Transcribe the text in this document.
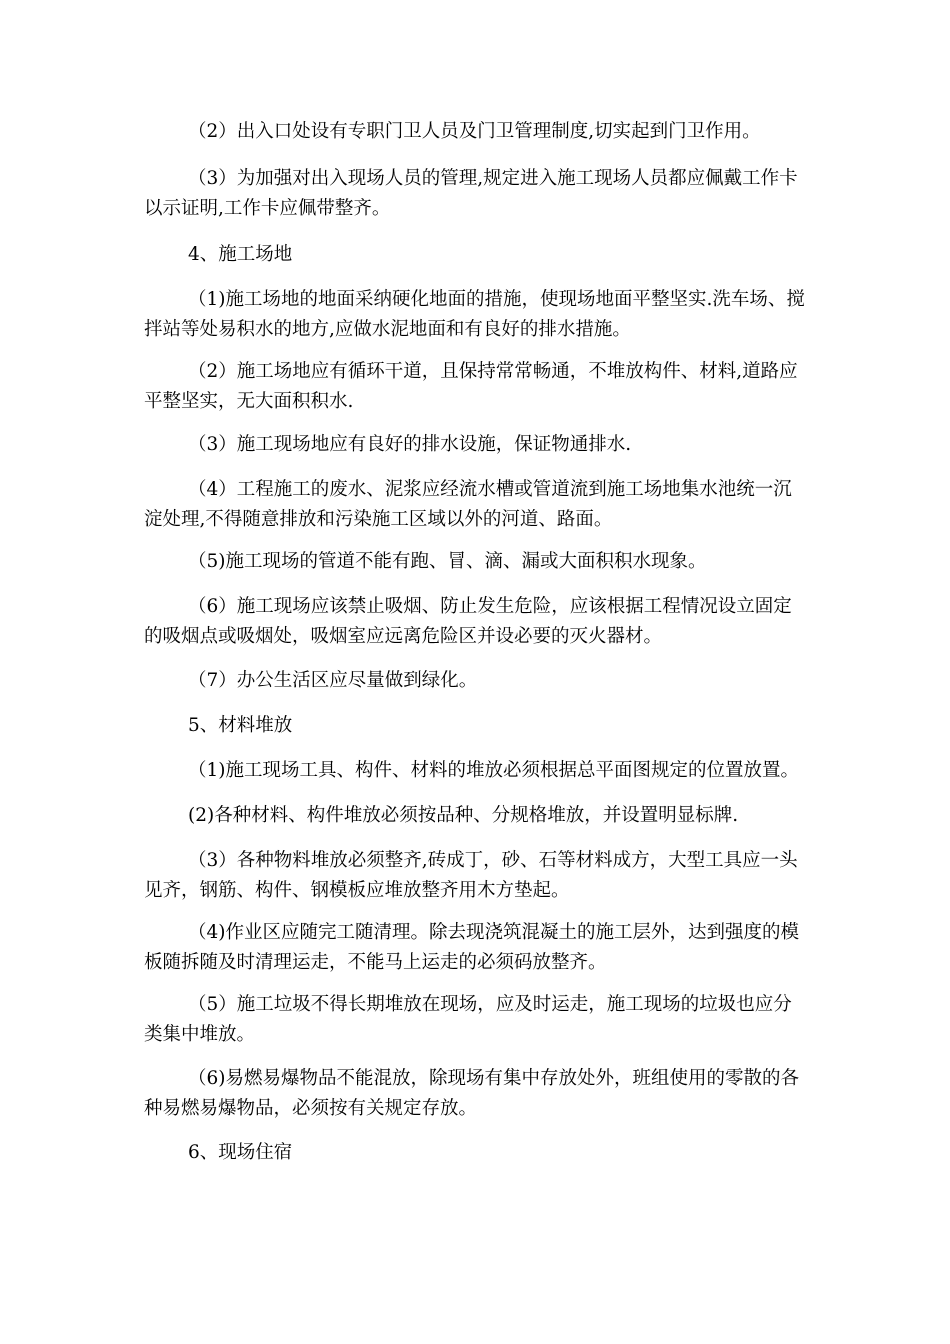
（2）出入口处设有专职门卫人员及门卫管理制度,切实起到门卫作用。

（3）为加强对出入现场人员的管理,规定进入施工现场人员都应佩戴工作卡以示证明,工作卡应佩带整齐。

4、施工场地

（1)施工场地的地面采纳硬化地面的措施，使现场地面平整坚实.洗车场、搅拌站等处易积水的地方,应做水泥地面和有良好的排水措施。

（2）施工场地应有循环干道，且保持常常畅通，不堆放构件、材料,道路应平整坚实，无大面积积水.

（3）施工现场地应有良好的排水设施，保证物通排水.

（4）工程施工的废水、泥浆应经流水槽或管道流到施工场地集水池统一沉淀处理,不得随意排放和污染施工区域以外的河道、路面。

（5)施工现场的管道不能有跑、冒、滴、漏或大面积积水现象。

（6）施工现场应该禁止吸烟、防止发生危险，应该根据工程情况设立固定的吸烟点或吸烟处，吸烟室应远离危险区并设必要的灭火器材。

（7）办公生活区应尽量做到绿化。

5、材料堆放

（1)施工现场工具、构件、材料的堆放必须根据总平面图规定的位置放置。

(2)各种材料、构件堆放必须按品种、分规格堆放，并设置明显标牌.

（3）各种物料堆放必须整齐,砖成丁，砂、石等材料成方，大型工具应一头见齐，钢筋、构件、钢模板应堆放整齐用木方垫起。

（4)作业区应随完工随清理。除去现浇筑混凝土的施工层外，达到强度的模板随拆随及时清理运走，不能马上运走的必须码放整齐。

（5）施工垃圾不得长期堆放在现场，应及时运走，施工现场的垃圾也应分类集中堆放。

（6)易燃易爆物品不能混放，除现场有集中存放处外，班组使用的零散的各种易燃易爆物品，必须按有关规定存放。

6、现场住宿
